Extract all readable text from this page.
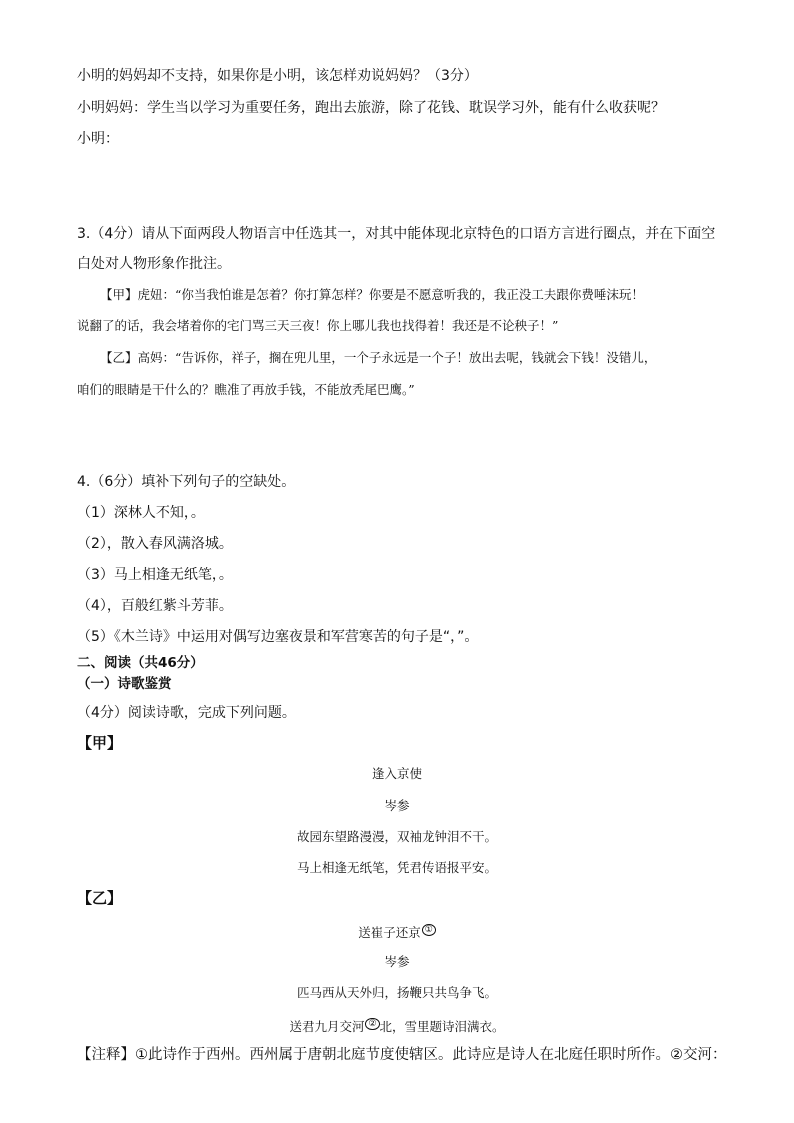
小明的妈妈却不支持，如果你是小明，该怎样劝说妈妈？（3分）
小明妈妈：学生当以学习为重要任务，跑出去旅游，除了花钱、耽误学习外，能有什么收获呢？
小明：
3.（4分）请从下面两段人物语言中任选其一，对其中能体现北京特色的口语方言进行圈点，并在下面空
白处对人物形象作批注。
【甲】虎妞：“你当我怕谁是怎着？你打算怎样？你要是不愿意听我的，我正没工夫跟你费唾沫玩！
说翻了的话，我会堵着你的宅门骂三天三夜！你上哪儿我也找得着！我还是不论秧子！”
【乙】高妈：“告诉你，祥子，搁在兜儿里，一个子永远是一个子！放出去呢，钱就会下钱！没错儿，
咱们的眼睛是干什么的？瞧准了再放手钱，不能放秃尾巴鹰。”
4.（6分）填补下列句子的空缺处。
（1）深林人不知，。
（2），散入春风满洛城。
（3）马上相逢无纸笔，。
（4），百般红紫斗芳菲。
（5）《木兰诗》中运用对偶写边塞夜景和军营寒苦的句子是“，”。
二、阅读（共46分）
（一）诗歌鉴赏
（4分）阅读诗歌，完成下列问题。
【甲】
逢入京使
岑参
故园东望路漫漫，双袖龙钟泪不干。
马上相逢无纸笔，凭君传语报平安。
【乙】
送崔子还京 ①
岑参
匹马西从天外归，扬鞭只共鸟争飞。
送君九月交河 ② 北，雪里题诗泪满衣。
【注释】①此诗作于西州。西州属于唐朝北庭节度使辖区。此诗应是诗人在北庭任职时所作。②交河：
